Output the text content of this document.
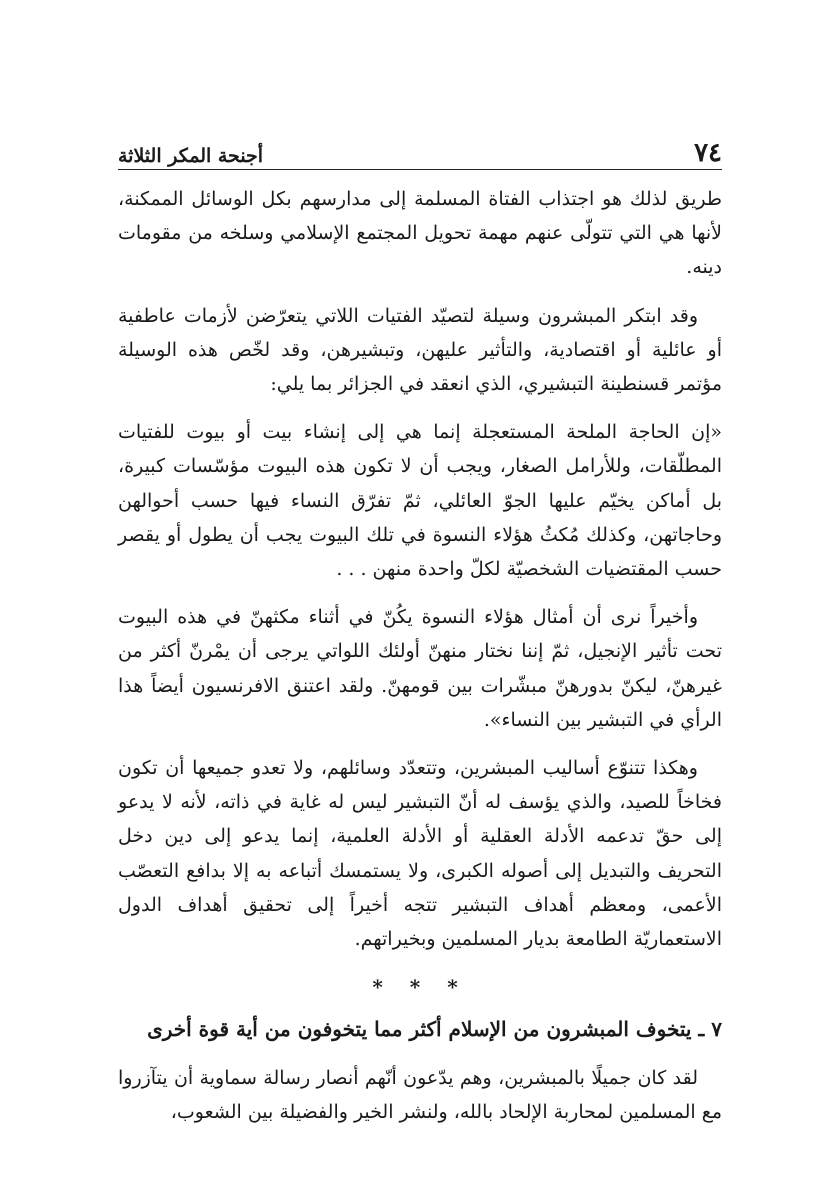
٧٤
أجنحة المكر الثلاثة

طريق لذلك هو اجتذاب الفتاة المسلمة إلى مدارسهم بكل الوسائل الممكنة، لأنها هي التي تتولّى عنهم مهمة تحويل المجتمع الإسلامي وسلخه من مقومات دينه.

وقد ابتكر المبشرون وسيلة لتصيّد الفتيات اللاتي يتعرّضن لأزمات عاطفية أو عائلية أو اقتصادية، والتأثير عليهن، وتبشيرهن، وقد لخّص هذه الوسيلة مؤتمر قسنطينة التبشيري، الذي انعقد في الجزائر بما يلي:

«إن الحاجة الملحة المستعجلة إنما هي إلى إنشاء بيت أو بيوت للفتيات المطلّقات، وللأرامل الصغار، ويجب أن لا تكون هذه البيوت مؤسّسات كبيرة، بل أماكن يخيّم عليها الجوّ العائلي، ثمّ تفرّق النساء فيها حسب أحوالهن وحاجاتهن، وكذلك مُكثُ هؤلاء النسوة في تلك البيوت يجب أن يطول أو يقصر حسب المقتضيات الشخصيّة لكلّ واحدة منهن . . .

وأخيراً نرى أن أمثال هؤلاء النسوة يكُنّ في أثناء مكثهنّ في هذه البيوت تحت تأثير الإنجيل، ثمّ إننا نختار منهنّ أولئك اللواتي يرجى أن يمْرنّ أكثر من غيرهنّ، ليكنّ بدورهنّ مبشّرات بين قومهنّ. ولقد اعتنق الافرنسيون أيضاً هذا الرأي في التبشير بين النساء».

وهكذا تتنوّع أساليب المبشرين، وتتعدّد وسائلهم، ولا تعدو جميعها أن تكون فخاخاً للصيد، والذي يؤسف له أنّ التبشير ليس له غاية في ذاته، لأنه لا يدعو إلى حقّ تدعمه الأدلة العقلية أو الأدلة العلمية، إنما يدعو إلى دين دخل التحريف والتبديل إلى أصوله الكبرى، ولا يستمسك أتباعه به إلا بدافع التعصّب الأعمى، ومعظم أهداف التبشير تتجه أخيراً إلى تحقيق أهداف الدول الاستعماريّة الطامعة بديار المسلمين وبخيراتهم.

* * *

٧ ـ يتخوف المبشرون من الإسلام أكثر مما يتخوفون من أية قوة أخرى

لقد كان جميلًا بالمبشرين، وهم يدّعون أنّهم أنصار رسالة سماوية أن يتآزروا مع المسلمين لمحاربة الإلحاد بالله، ولنشر الخير والفضيلة بين الشعوب،
